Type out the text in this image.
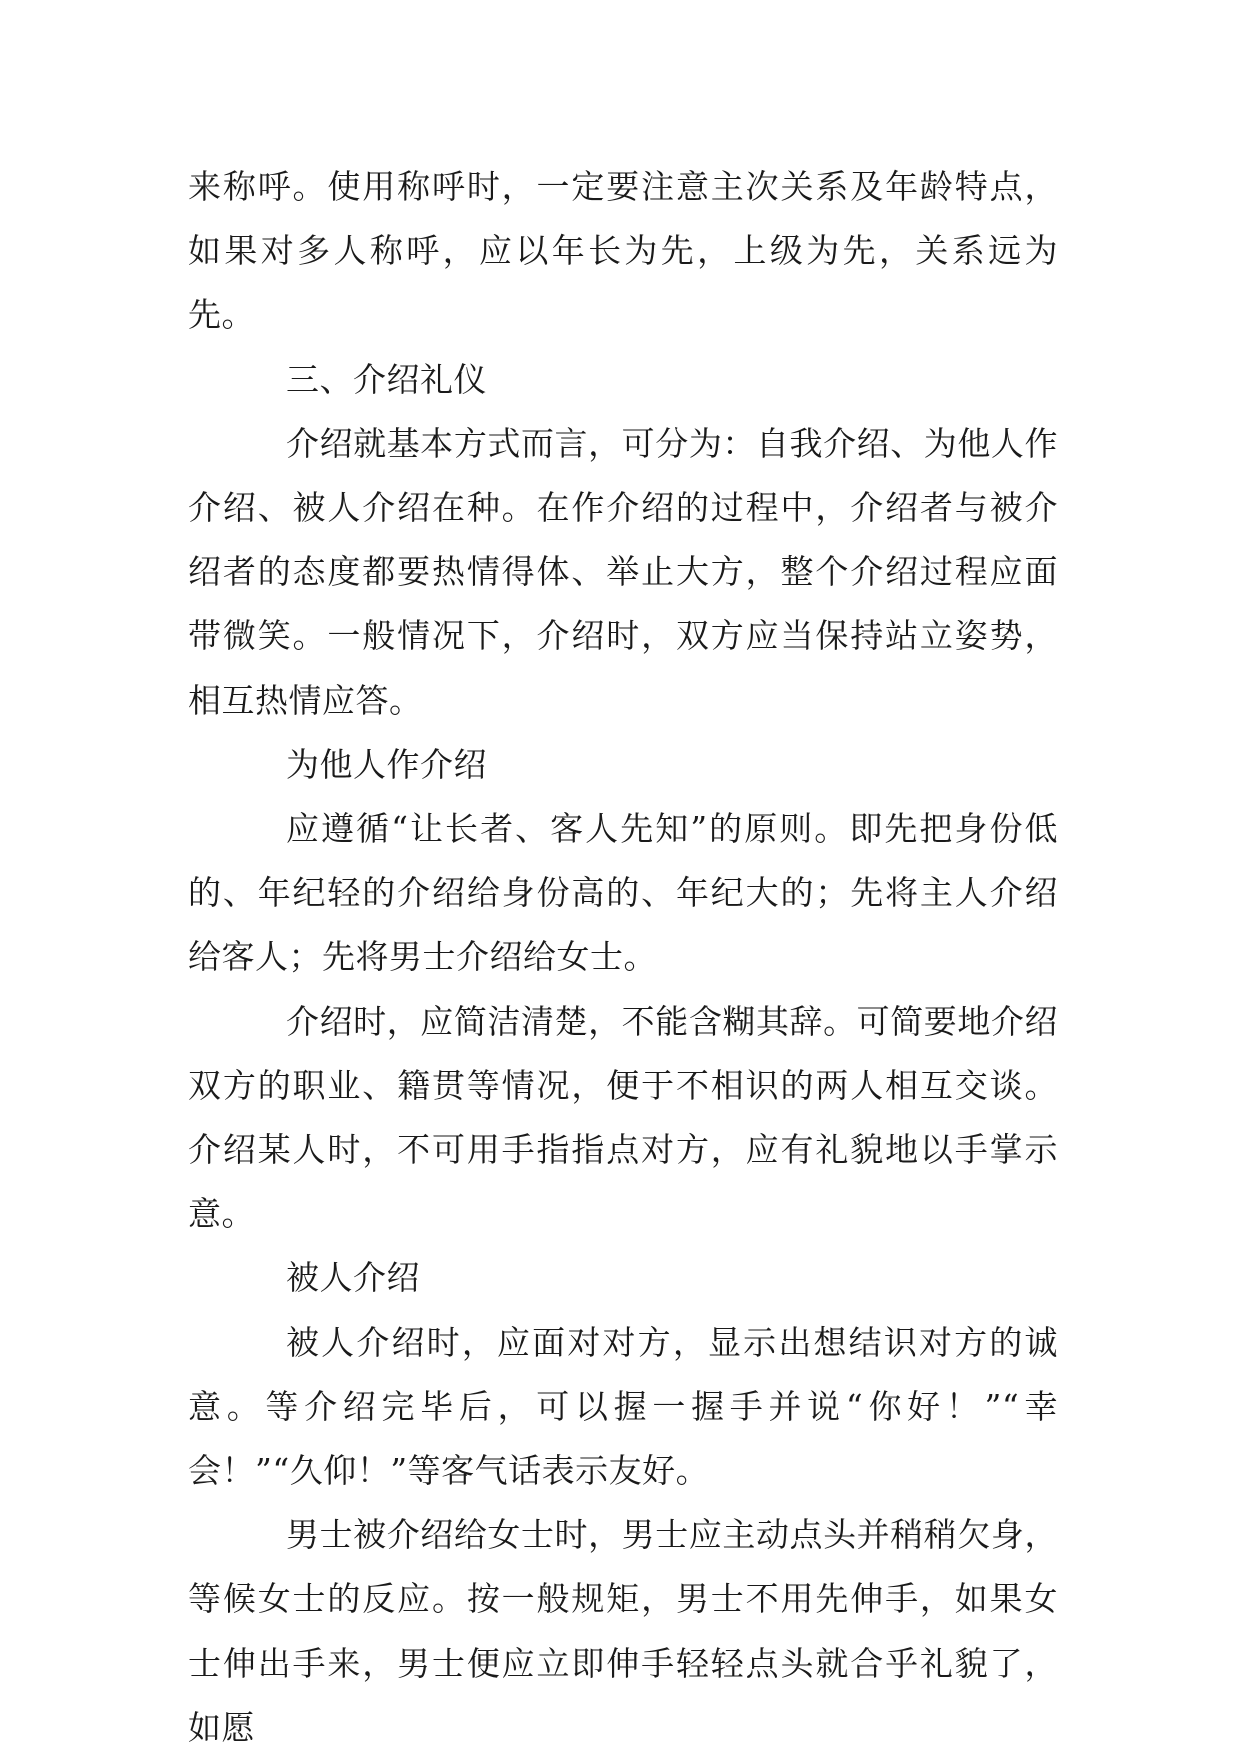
来称呼。使用称呼时，一定要注意主次关系及年龄特点，如果对多人称呼，应以年长为先，上级为先，关系远为先。

三、介绍礼仪

介绍就基本方式而言，可分为：自我介绍、为他人作介绍、被人介绍在种。在作介绍的过程中，介绍者与被介绍者的态度都要热情得体、举止大方，整个介绍过程应面带微笑。一般情况下，介绍时，双方应当保持站立姿势，相互热情应答。

为他人作介绍

应遵循“让长者、客人先知”的原则。即先把身份低的、年纪轻的介绍给身份高的、年纪大的；先将主人介绍给客人；先将男士介绍给女士。

介绍时，应简洁清楚，不能含糊其辞。可简要地介绍双方的职业、籍贯等情况，便于不相识的两人相互交谈。介绍某人时，不可用手指指点对方，应有礼貌地以手掌示意。

被人介绍

被人介绍时，应面对对方，显示出想结识对方的诚意。等介绍完毕后，可以握一握手并说“你好！”“幸会！”“久仰！”等客气话表示友好。

男士被介绍给女士时，男士应主动点头并稍稍欠身，等候女士的反应。按一般规矩，男士不用先伸手，如果女士伸出手来，男士便应立即伸手轻轻点头就合乎礼貌了，如愿
